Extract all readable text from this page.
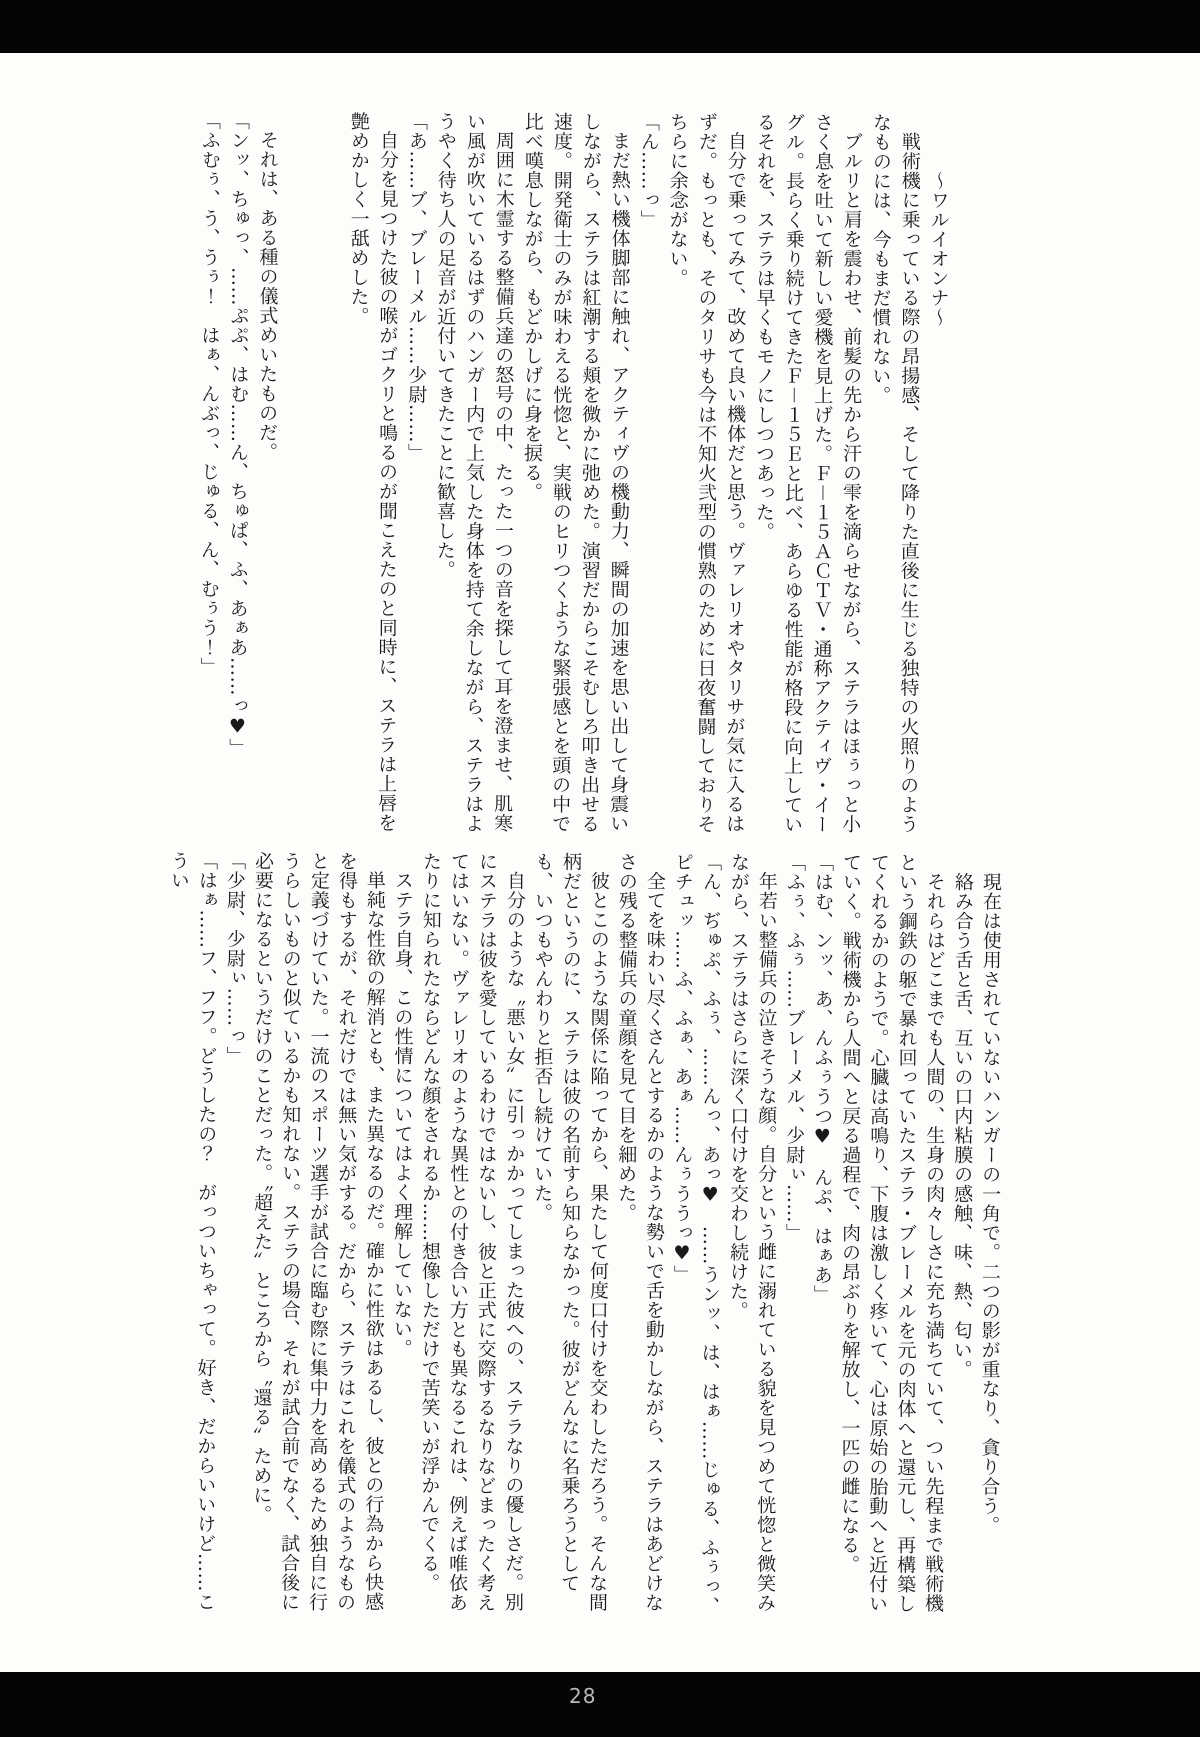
～ワルイオンナ～

戦術機に乗っている際の昂揚感、そして降りた直後に生じる独特の火照りのようなものには、今もまだ慣れない。

ブルリと肩を震わせ、前髪の先から汗の雫を滴らせながら、ステラはほぅっと小さく息を吐いて新しい愛機を見上げた。Ｆ－１５ＡＣＴＶ・通称アクティヴ・イーグル。長らく乗り続けてきたＦ－１５Ｅと比べ、あらゆる性能が格段に向上しているそれを、ステラは早くもモノにしつつあった。

自分で乗ってみて、改めて良い機体だと思う。ヴァレリオやタリサが気に入るはずだ。もっとも、そのタリサも今は不知火弐型の慣熟のために日夜奮闘しておりそちらに余念がない。

「ん……っ」

まだ熱い機体脚部に触れ、アクティヴの機動力、瞬間の加速を思い出して身震いしながら、ステラは紅潮する頬を微かに弛めた。演習だからこそむしろ叩き出せる速度。開発衛士のみが味わえる恍惚と、実戦のヒリつくような緊張感とを頭の中で比べ嘆息しながら、もどかしげに身を捩る。

周囲に木霊する整備兵達の怒号の中、たった一つの音を探して耳を澄ませ、肌寒い風が吹いているはずのハンガー内で上気した身体を持て余しながら、ステラはようやく待ち人の足音が近付いてきたことに歓喜した。

「あ……ブ、ブレーメル……少尉……」

自分を見つけた彼の喉がゴクリと鳴るのが聞こえたのと同時に、ステラは上唇を艶めかしく一舐めした。

それは、ある種の儀式めいたものだ。

「ンッ、ちゅっ、……ぷぷ、はむ……ん、ちゅぱ、ふ、あぁあ……っ♥」

「ふむぅ、う、うぅ！　はぁ、んぶっ、じゅる、ん、むぅう！」

現在は使用されていないハンガーの一角で。二つの影が重なり、貪り合う。

絡み合う舌と舌、互いの口内粘膜の感触、味、熱、匂い。

それらはどこまでも人間の、生身の肉々しさに充ち満ちていて、つい先程まで戦術機という鋼鉄の躯で暴れ回っていたステラ・ブレーメルを元の肉体へと還元し、再構築してくれるかのようで。心臓は高鳴り、下腹は激しく疼いて、心は原始の胎動へと近付いていく。戦術機から人間へと戻る過程で、肉の昂ぶりを解放し、一匹の雌になる。

「はむ、ンッ、あ、んふぅうつ♥　んぷ、はぁあ」

「ふぅ、ふぅ……ブレーメル、少尉ぃ……」

年若い整備兵の泣きそうな顔。自分という雌に溺れている貌を見つめて恍惚と微笑みながら、ステラはさらに深く口付けを交わし続けた。

「ん、ぢゅぷ、ふぅ、……んっ、あっ♥　……うンッ、は、はぁ……じゅる、ふぅっ、ピチュッ……ふ、ふぁ、あぁ……んぅううっ♥」

全てを味わい尽くさんとするかのような勢いで舌を動かしながら、ステラはあどけなさの残る整備兵の童顔を見て目を細めた。

彼とこのような関係に陥ってから、果たして何度口付けを交わしただろう。そんな間柄だというのに、ステラは彼の名前すら知らなかった。彼がどんなに名乗ろうとしても、いつもやんわりと拒否し続けていた。

自分のような〝悪い女〟に引っかかってしまった彼への、ステラなりの優しさだ。別にステラは彼を愛しているわけではないし、彼と正式に交際するなりなどまったく考えてはいない。ヴァレリオのような異性との付き合い方とも異なるこれは、例えば唯依あたりに知られたならどんな顔をされるか……想像しただけで苦笑いが浮かんでくる。

ステラ自身、この性情についてはよく理解していない。

単純な性欲の解消とも、また異なるのだ。確かに性欲はあるし、彼との行為から快感を得もするが、それだけでは無い気がする。だから、ステラはこれを儀式のようなものと定義づけていた。一流のスポーツ選手が試合に臨む際に集中力を高めるため独自に行うらしいものと似ているかも知れない。ステラの場合、それが試合前でなく、試合後に必要になるというだけのことだった。〝超えた〟ところから〝還る〟ために。

「少尉、少尉ぃ……っ」

「はぁ……フ、フフ。どうしたの？　がっついちゃって。好き、だからいいけど……こうい

28
